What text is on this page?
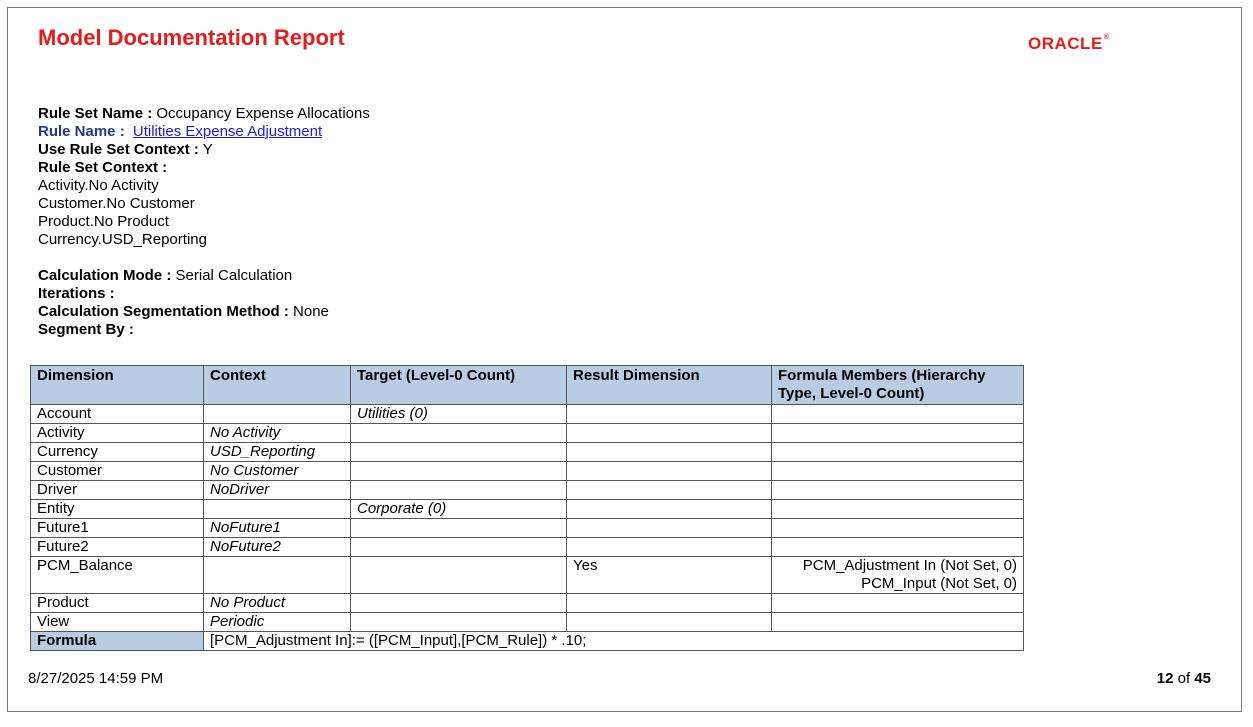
Model Documentation Report	ORACLE®
Rule Set Name : Occupancy Expense Allocations
Rule Name : Utilities Expense Adjustment
Use Rule Set Context : Y
Rule Set Context :
Activity.No Activity
Customer.No Customer
Product.No Product
Currency.USD_Reporting
Calculation Mode : Serial Calculation
Iterations :
Calculation Segmentation Method : None
Segment By :
Dimension	Context	Target (Level-0 Count)	Result Dimension	Formula Members (Hierarchy Type, Level-0 Count)
Account		Utilities (0)		
Activity	No Activity			
Currency	USD_Reporting			
Customer	No Customer			
Driver	NoDriver			
Entity		Corporate (0)		
Future1	NoFuture1			
Future2	NoFuture2			
PCM_Balance			Yes	PCM_Adjustment In (Not Set, 0)
				PCM_Input (Not Set, 0)
Product	No Product			
View	Periodic			
Formula	[PCM_Adjustment In]:= ([PCM_Input],[PCM_Rule]) * .10;			
8/27/2025 14:59 PM	12 of 45
